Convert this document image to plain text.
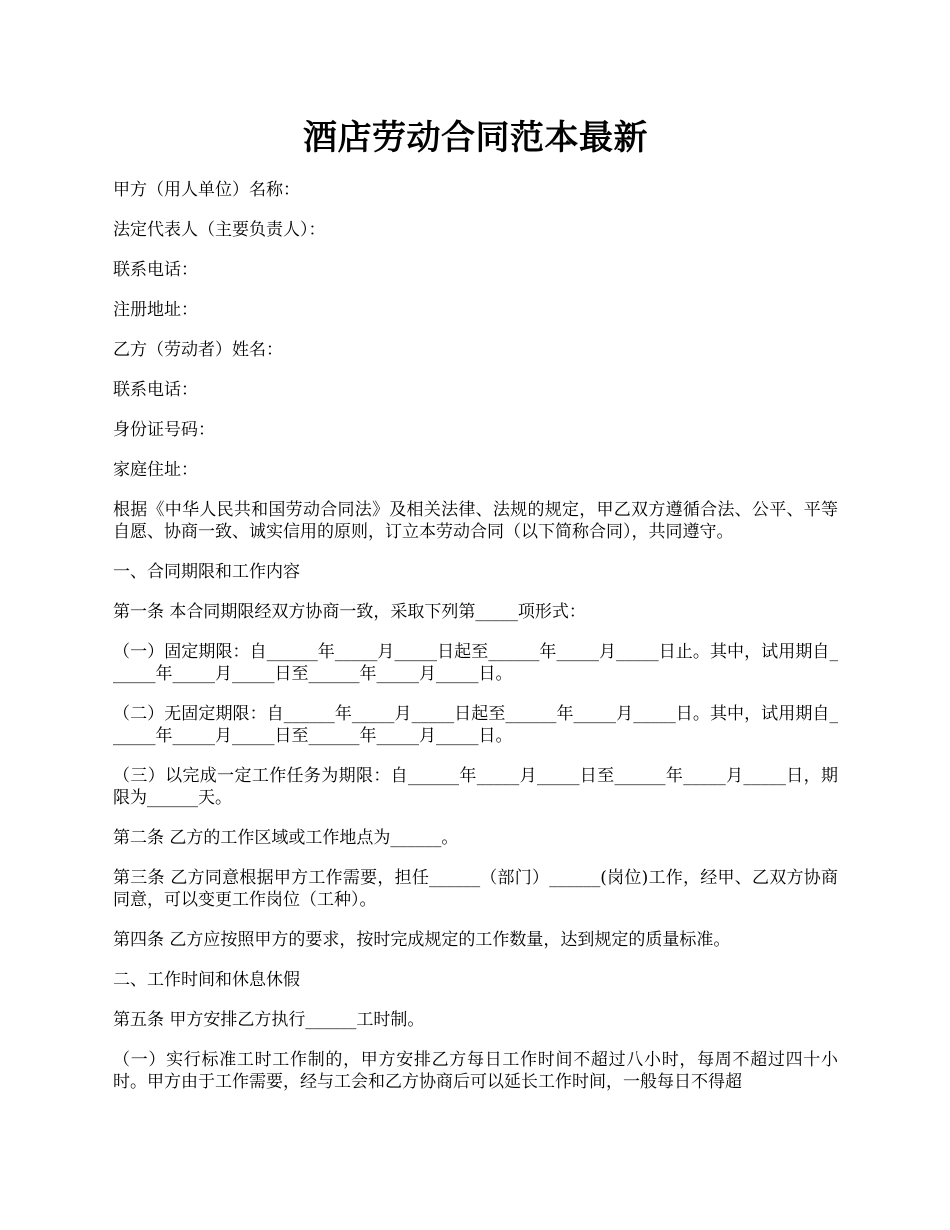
酒店劳动合同范本最新

甲方（用人单位）名称：

法定代表人（主要负责人）：

联系电话：

注册地址：

乙方（劳动者）姓名：

联系电话：

身份证号码：

家庭住址：

根据《中华人民共和国劳动合同法》及相关法律、法规的规定，甲乙双方遵循合法、公平、平等自愿、协商一致、诚实信用的原则，订立本劳动合同（以下简称合同），共同遵守。

一、合同期限和工作内容

第一条 本合同期限经双方协商一致，采取下列第_____项形式：

（一）固定期限：自______年_____月_____日起至______年_____月_____日止。其中，试用期自______年_____月_____日至______年_____月_____日。

（二）无固定期限：自______年_____月_____日起至______年_____月_____日。其中，试用期自______年_____月_____日至______年_____月_____日。

（三）以完成一定工作任务为期限：自______年_____月_____日至______年_____月_____日，期限为______天。

第二条 乙方的工作区域或工作地点为______。

第三条 乙方同意根据甲方工作需要，担任______（部门）______(岗位)工作，经甲、乙双方协商同意，可以变更工作岗位（工种）。

第四条 乙方应按照甲方的要求，按时完成规定的工作数量，达到规定的质量标准。

二、工作时间和休息休假

第五条 甲方安排乙方执行______工时制。

（一）实行标准工时工作制的，甲方安排乙方每日工作时间不超过八小时，每周不超过四十小时。甲方由于工作需要，经与工会和乙方协商后可以延长工作时间，一般每日不得超
